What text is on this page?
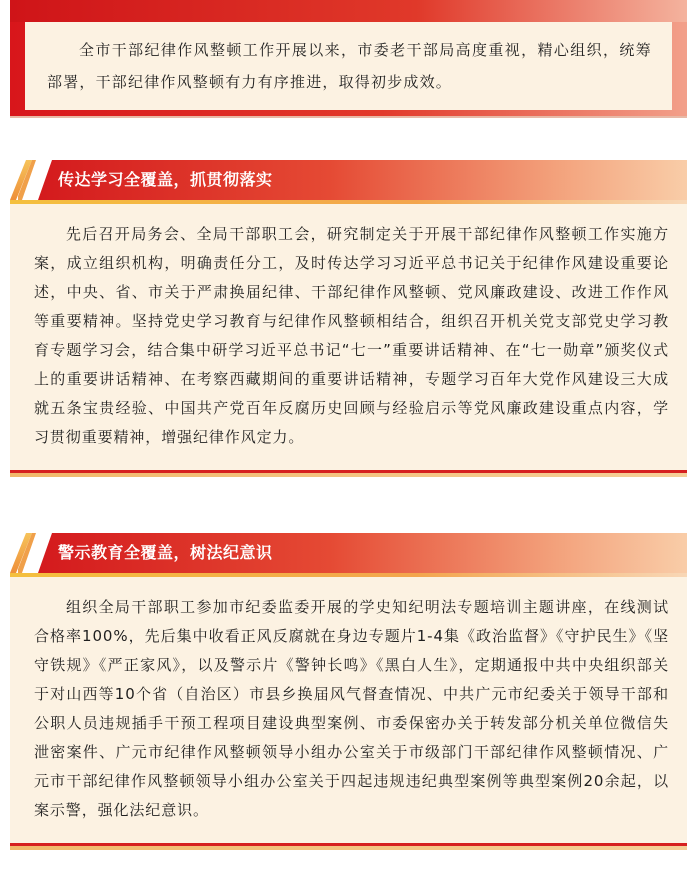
全市干部纪律作风整顿工作开展以来，市委老干部局高度重视，精心组织，统筹部署，干部纪律作风整顿有力有序推进，取得初步成效。
传达学习全覆盖，抓贯彻落实
先后召开局务会、全局干部职工会，研究制定关于开展干部纪律作风整顿工作实施方案，成立组织机构，明确责任分工，及时传达学习习近平总书记关于纪律作风建设重要论述，中央、省、市关于严肃换届纪律、干部纪律作风整顿、党风廉政建设、改进工作作风等重要精神。坚持党史学习教育与纪律作风整顿相结合，组织召开机关党支部党史学习教育专题学习会，结合集中研学习近平总书记“七一”重要讲话精神、在“七一勋章”颁奖仪式上的重要讲话精神、在考察西藏期间的重要讲话精神，专题学习百年大党作风建设三大成就五条宝贵经验、中国共产党百年反腐历史回顾与经验启示等党风廉政建设重点内容，学习贯彻重要精神，增强纪律作风定力。
警示教育全覆盖，树法纪意识
组织全局干部职工参加市纪委监委开展的学史知纪明法专题培训主题讲座，在线测试合格率100%，先后集中收看正风反腐就在身边专题片1-4集《政治监督》《守护民生》《坚守铁规》《严正家风》，以及警示片《警钟长鸣》《黑白人生》，定期通报中共中央组织部关于对山西等10个省（自治区）市县乡换届风气督查情况、中共广元市纪委关于领导干部和公职人员违规插手干预工程项目建设典型案例、市委保密办关于转发部分机关单位微信失泄密案件、广元市纪律作风整顿领导小组办公室关于市级部门干部纪律作风整顿情况、广元市干部纪律作风整顿领导小组办公室关于四起违规违纪典型案例等典型案例20余起，以案示警，强化法纪意识。
